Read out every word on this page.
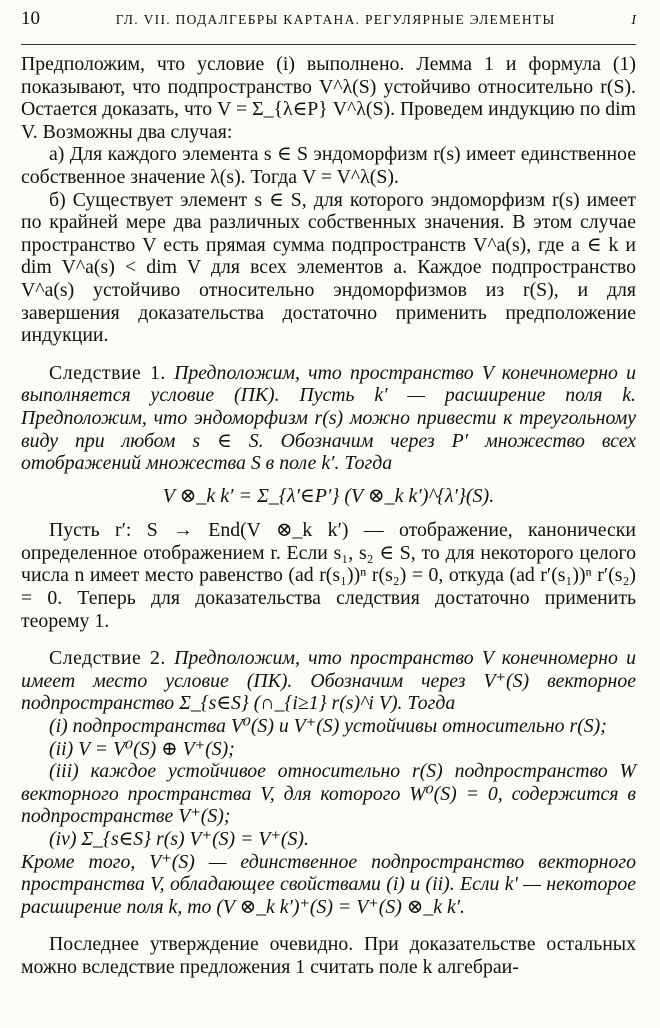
10	ГЛ. VII. ПОДАЛГЕБРЫ КАРТАНА. РЕГУЛЯРНЫЕ ЭЛЕМЕНТЫ	I

Предположим, что условие (i) выполнено. Лемма 1 и формула (1) показывают, что подпространство V^λ(S) устойчиво относительно r(S). Остается доказать, что V = Σ_{λ∈P} V^λ(S). Проведем индукцию по dim V. Возможны два случая:

а) Для каждого элемента s ∈ S эндоморфизм r(s) имеет единственное собственное значение λ(s). Тогда V = V^λ(S).

б) Существует элемент s ∈ S, для которого эндоморфизм r(s) имеет по крайней мере два различных собственных значения. В этом случае пространство V есть прямая сумма подпространств V^a(s), где a ∈ k и dim V^a(s) < dim V для всех элементов a. Каждое подпространство V^a(s) устойчиво относительно эндоморфизмов из r(S), и для завершения доказательства достаточно применить предположение индукции.

Следствие 1. Предположим, что пространство V конечномерно и выполняется условие (ПК). Пусть k′ — расширение поля k. Предположим, что эндоморфизм r(s) можно привести к треугольному виду при любом s ∈ S. Обозначим через P′ множество всех отображений множества S в поле k′. Тогда

V ⊗_k k′ = Σ_{λ′∈P′} (V ⊗_k k′)^{λ′}(S).

Пусть r′: S → End(V ⊗_k k′) — отображение, канонически определенное отображением r. Если s₁, s₂ ∈ S, то для некоторого целого числа n имеет место равенство (ad r(s₁))ⁿ r(s₂) = 0, откуда (ad r′(s₁))ⁿ r′(s₂) = 0. Теперь для доказательства следствия достаточно применить теорему 1.

Следствие 2. Предположим, что пространство V конечномерно и имеет место условие (ПК). Обозначим через V⁺(S) векторное подпространство Σ_{s∈S} (∩_{i≥1} r(s)^i V). Тогда

(i) подпространства V⁰(S) и V⁺(S) устойчивы относительно r(S);

(ii) V = V⁰(S) ⊕ V⁺(S);

(iii) каждое устойчивое относительно r(S) подпространство W векторного пространства V, для которого W⁰(S) = 0, содержится в подпространстве V⁺(S);

(iv) Σ_{s∈S} r(s) V⁺(S) = V⁺(S).

Кроме того, V⁺(S) — единственное подпространство векторного пространства V, обладающее свойствами (i) и (ii). Если k′ — некоторое расширение поля k, то (V ⊗_k k′)⁺(S) = V⁺(S) ⊗_k k′.

Последнее утверждение очевидно. При доказательстве остальных можно вследствие предложения 1 считать поле k алгебраи-
